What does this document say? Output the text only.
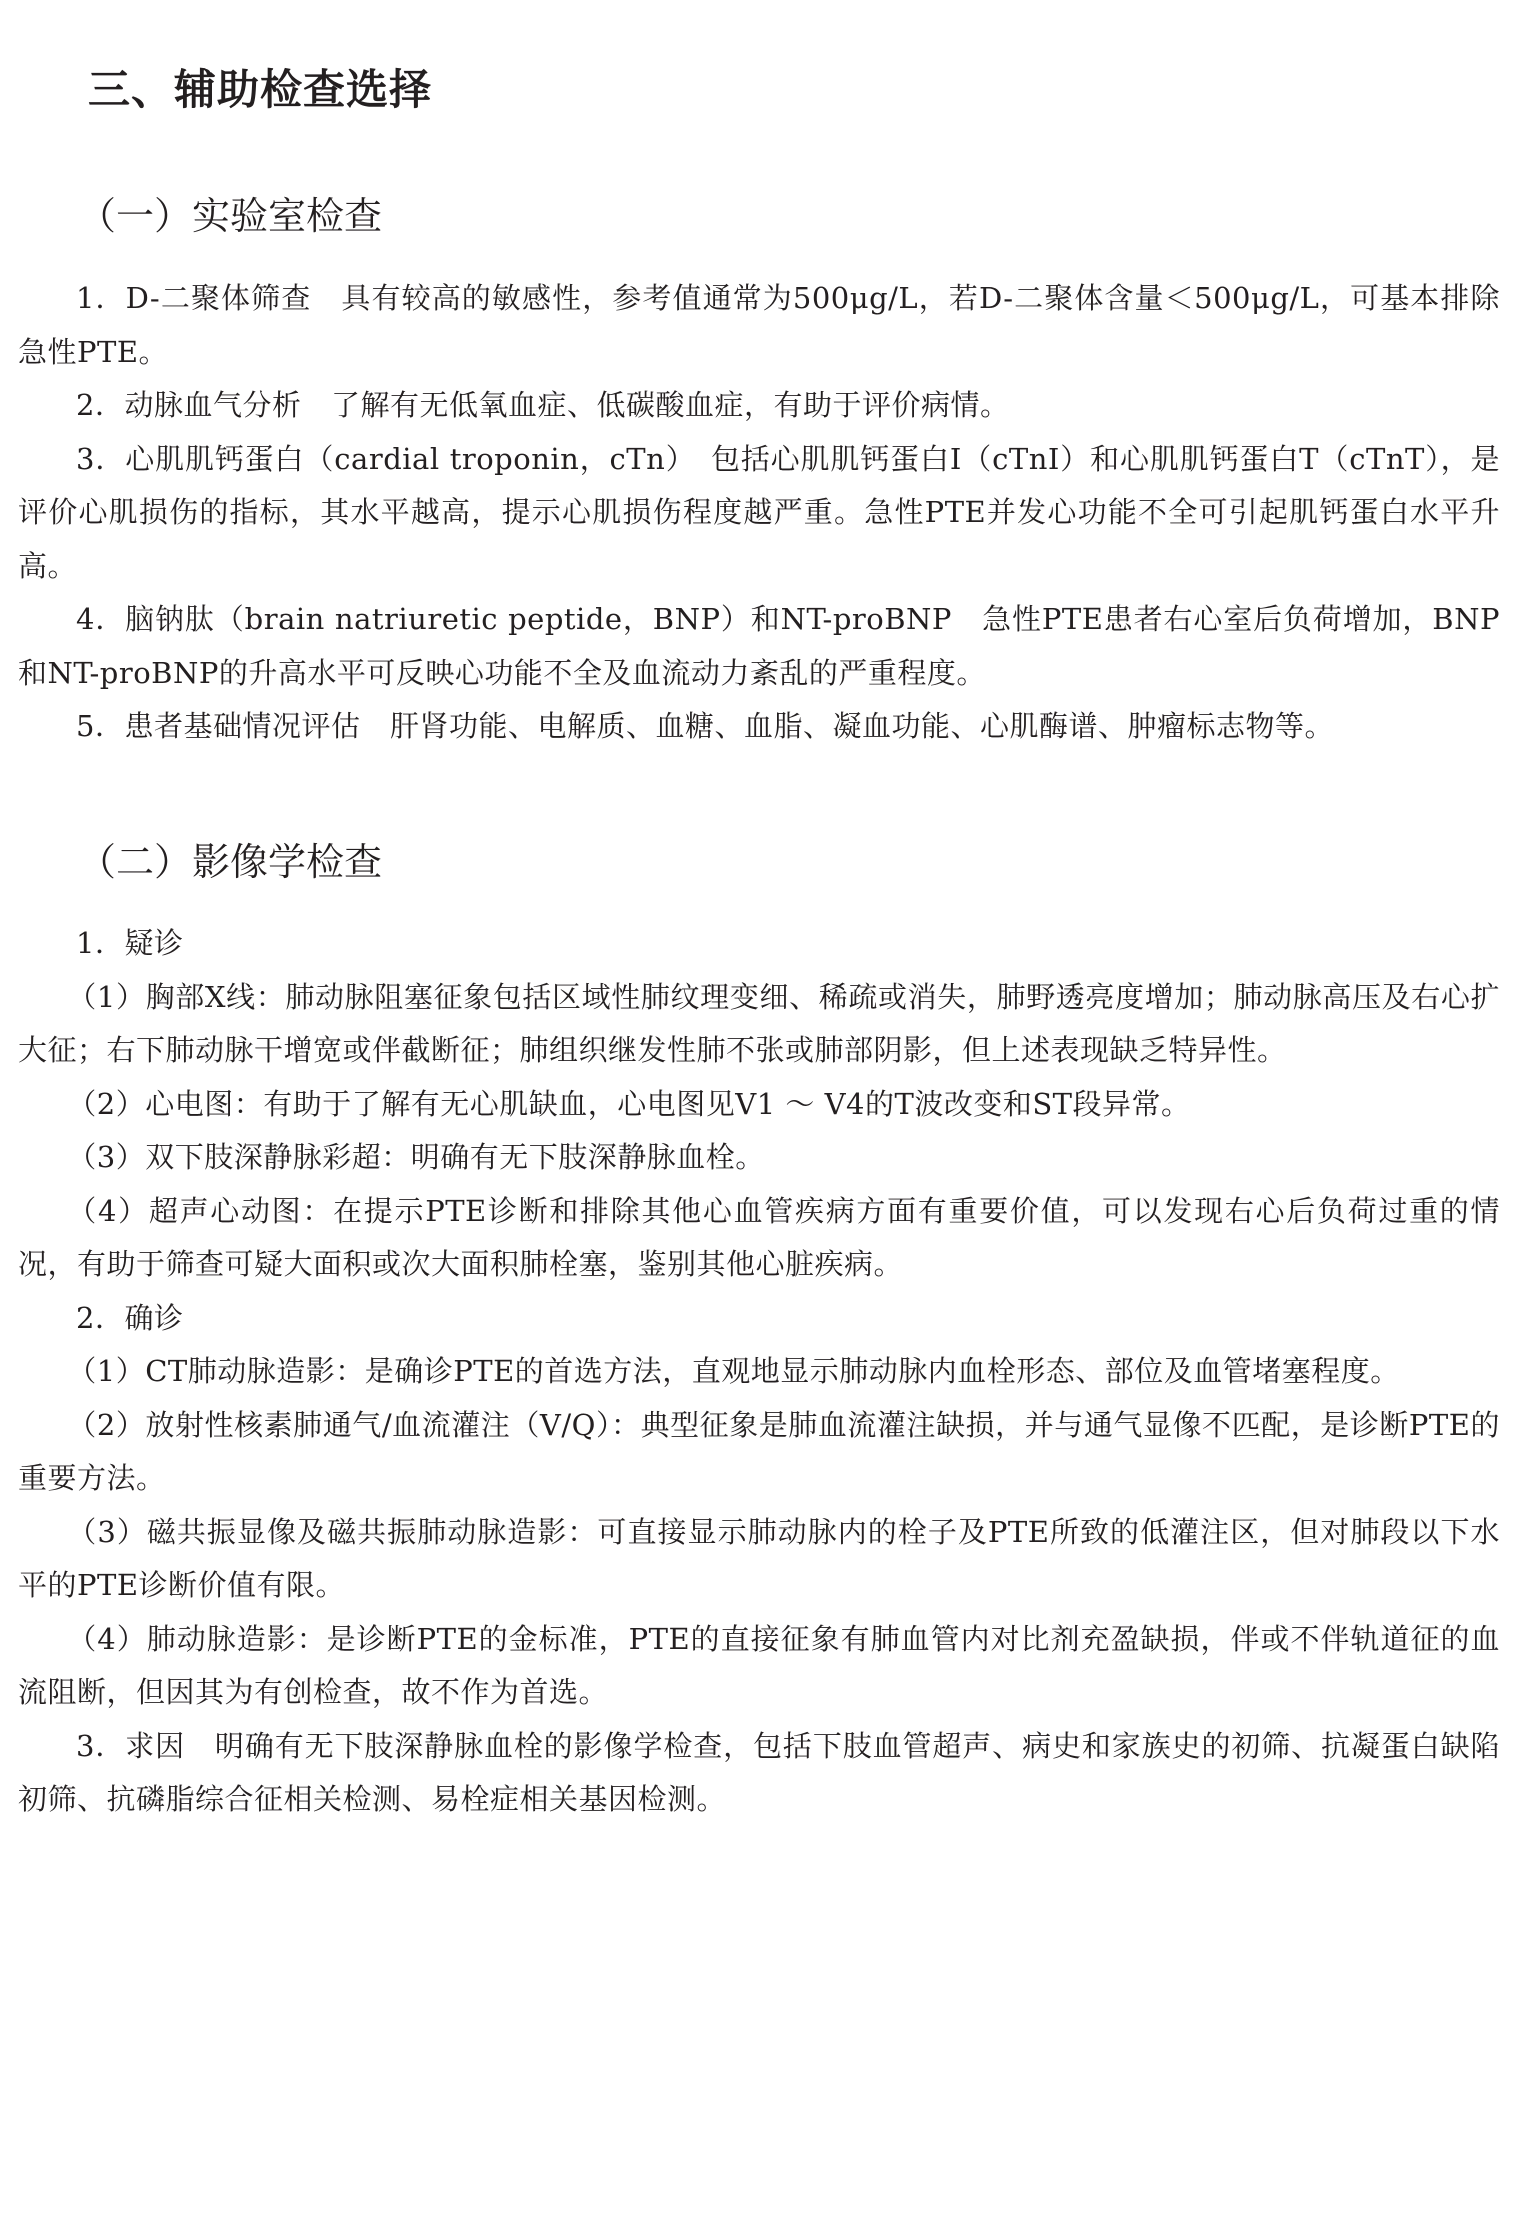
三、辅助检查选择
（一）实验室检查

1．D-二聚体筛查　具有较高的敏感性，参考值通常为500μg/L，若D-二聚体含量＜500μg/L，可基本排除急性PTE。

2．动脉血气分析　了解有无低氧血症、低碳酸血症，有助于评价病情。

3．心肌肌钙蛋白（cardial troponin，cTn）　包括心肌肌钙蛋白Ⅰ（cTnI）和心肌肌钙蛋白T（cTnT），是评价心肌损伤的指标，其水平越高，提示心肌损伤程度越严重。急性PTE并发心功能不全可引起肌钙蛋白水平升高。

4．脑钠肽（brain natriuretic peptide，BNP）和NT-proBNP　急性PTE患者右心室后负荷增加，BNP和NT-proBNP的升高水平可反映心功能不全及血流动力紊乱的严重程度。

5．患者基础情况评估　肝肾功能、电解质、血糖、血脂、凝血功能、心肌酶谱、肿瘤标志物等。

（二）影像学检查

1．疑诊

（1）胸部X线：肺动脉阻塞征象包括区域性肺纹理变细、稀疏或消失，肺野透亮度增加；肺动脉高压及右心扩大征；右下肺动脉干增宽或伴截断征；肺组织继发性肺不张或肺部阴影，但上述表现缺乏特异性。

（2）心电图：有助于了解有无心肌缺血，心电图见V1 ～ V4的T波改变和ST段异常。

（3）双下肢深静脉彩超：明确有无下肢深静脉血栓。

（4）超声心动图：在提示PTE诊断和排除其他心血管疾病方面有重要价值，可以发现右心后负荷过重的情况，有助于筛查可疑大面积或次大面积肺栓塞，鉴别其他心脏疾病。

2．确诊

（1）CT肺动脉造影：是确诊PTE的首选方法，直观地显示肺动脉内血栓形态、部位及血管堵塞程度。

（2）放射性核素肺通气/血流灌注（V/Q）：典型征象是肺血流灌注缺损，并与通气显像不匹配，是诊断PTE的重要方法。

（3）磁共振显像及磁共振肺动脉造影：可直接显示肺动脉内的栓子及PTE所致的低灌注区，但对肺段以下水平的PTE诊断价值有限。

（4）肺动脉造影：是诊断PTE的金标准，PTE的直接征象有肺血管内对比剂充盈缺损，伴或不伴轨道征的血流阻断，但因其为有创检查，故不作为首选。

3．求因　明确有无下肢深静脉血栓的影像学检查，包括下肢血管超声、病史和家族史的初筛、抗凝蛋白缺陷初筛、抗磷脂综合征相关检测、易栓症相关基因检测。
